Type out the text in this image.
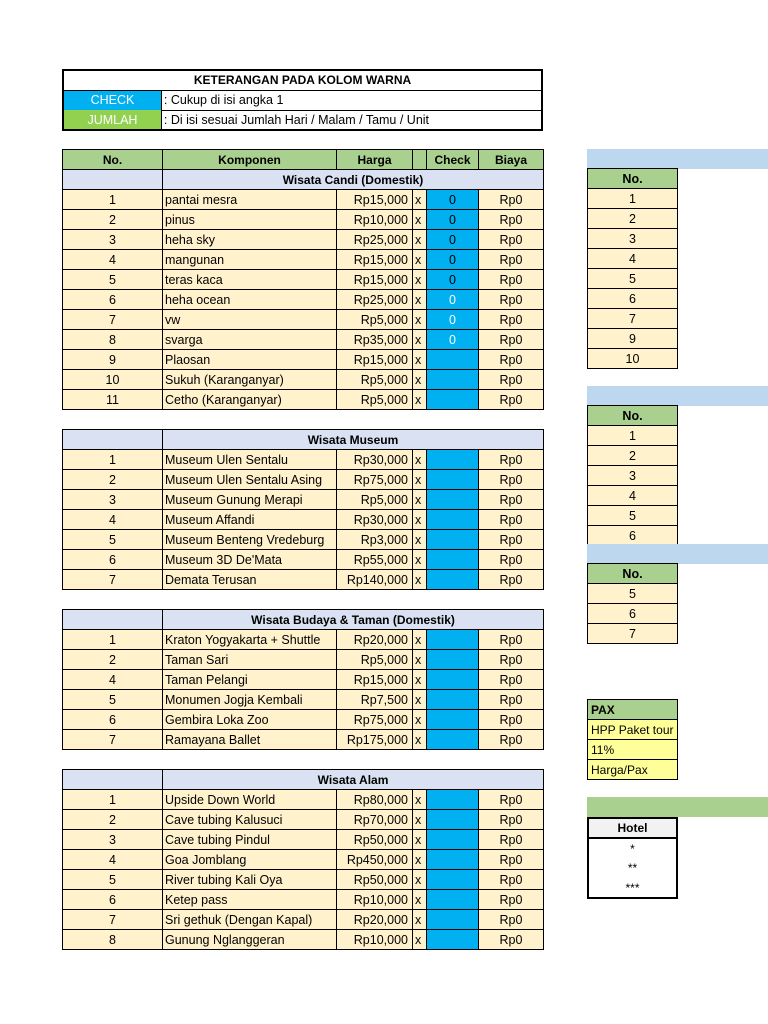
KETERANGAN PADA KOLOM WARNA	
CHECK	: Cukup di isi angka 1
JUMLAH	: Di isi sesuai Jumlah Hari / Malam / Tamu / Unit
No.	Komponen	Harga		Check	Biaya
	Wisata Candi (Domestik)				
1	pantai mesra	Rp15,000	x	0	Rp0
2	pinus	Rp10,000	x	0	Rp0
3	heha sky	Rp25,000	x	0	Rp0
4	mangunan	Rp15,000	x	0	Rp0
5	teras kaca	Rp15,000	x	0	Rp0
6	heha ocean	Rp25,000	x	0	Rp0
7	vw	Rp5,000	x	0	Rp0
8	svarga	Rp35,000	x	0	Rp0
9	Plaosan	Rp15,000	x		Rp0
10	Sukuh (Karanganyar)	Rp5,000	x		Rp0
11	Cetho (Karanganyar)	Rp5,000	x		Rp0

	Wisata Museum				
1	Museum Ulen Sentalu	Rp30,000	x		Rp0
2	Museum Ulen Sentalu Asing	Rp75,000	x		Rp0
3	Museum Gunung Merapi	Rp5,000	x		Rp0
4	Museum Affandi	Rp30,000	x		Rp0
5	Museum Benteng Vredeburg	Rp3,000	x		Rp0
6	Museum 3D De'Mata	Rp55,000	x		Rp0
7	Demata Terusan	Rp140,000	x		Rp0

	Wisata Budaya & Taman (Domestik)				
1	Kraton Yogyakarta + Shuttle	Rp20,000	x		Rp0
2	Taman Sari	Rp5,000	x		Rp0
4	Taman Pelangi	Rp15,000	x		Rp0
5	Monumen Jogja Kembali	Rp7,500	x		Rp0
6	Gembira Loka Zoo	Rp75,000	x		Rp0
7	Ramayana Ballet	Rp175,000	x		Rp0

	Wisata Alam				
1	Upside Down World	Rp80,000	x		Rp0
2	Cave tubing Kalusuci	Rp70,000	x		Rp0
3	Cave tubing Pindul	Rp50,000	x		Rp0
4	Goa Jomblang	Rp450,000	x		Rp0
5	River tubing Kali Oya	Rp50,000	x		Rp0
6	Ketep pass	Rp10,000	x		Rp0
7	Sri gethuk (Dengan Kapal)	Rp20,000	x		Rp0
8	Gunung Nglanggeran	Rp10,000	x		Rp0
No.
1
2
3
4
5
6
7
9
10
No.
1
2
3
4
5
6
No.
5
6
7
PAX
HPP Paket tour
11%
Harga/Pax
Hotel
*
**
***
